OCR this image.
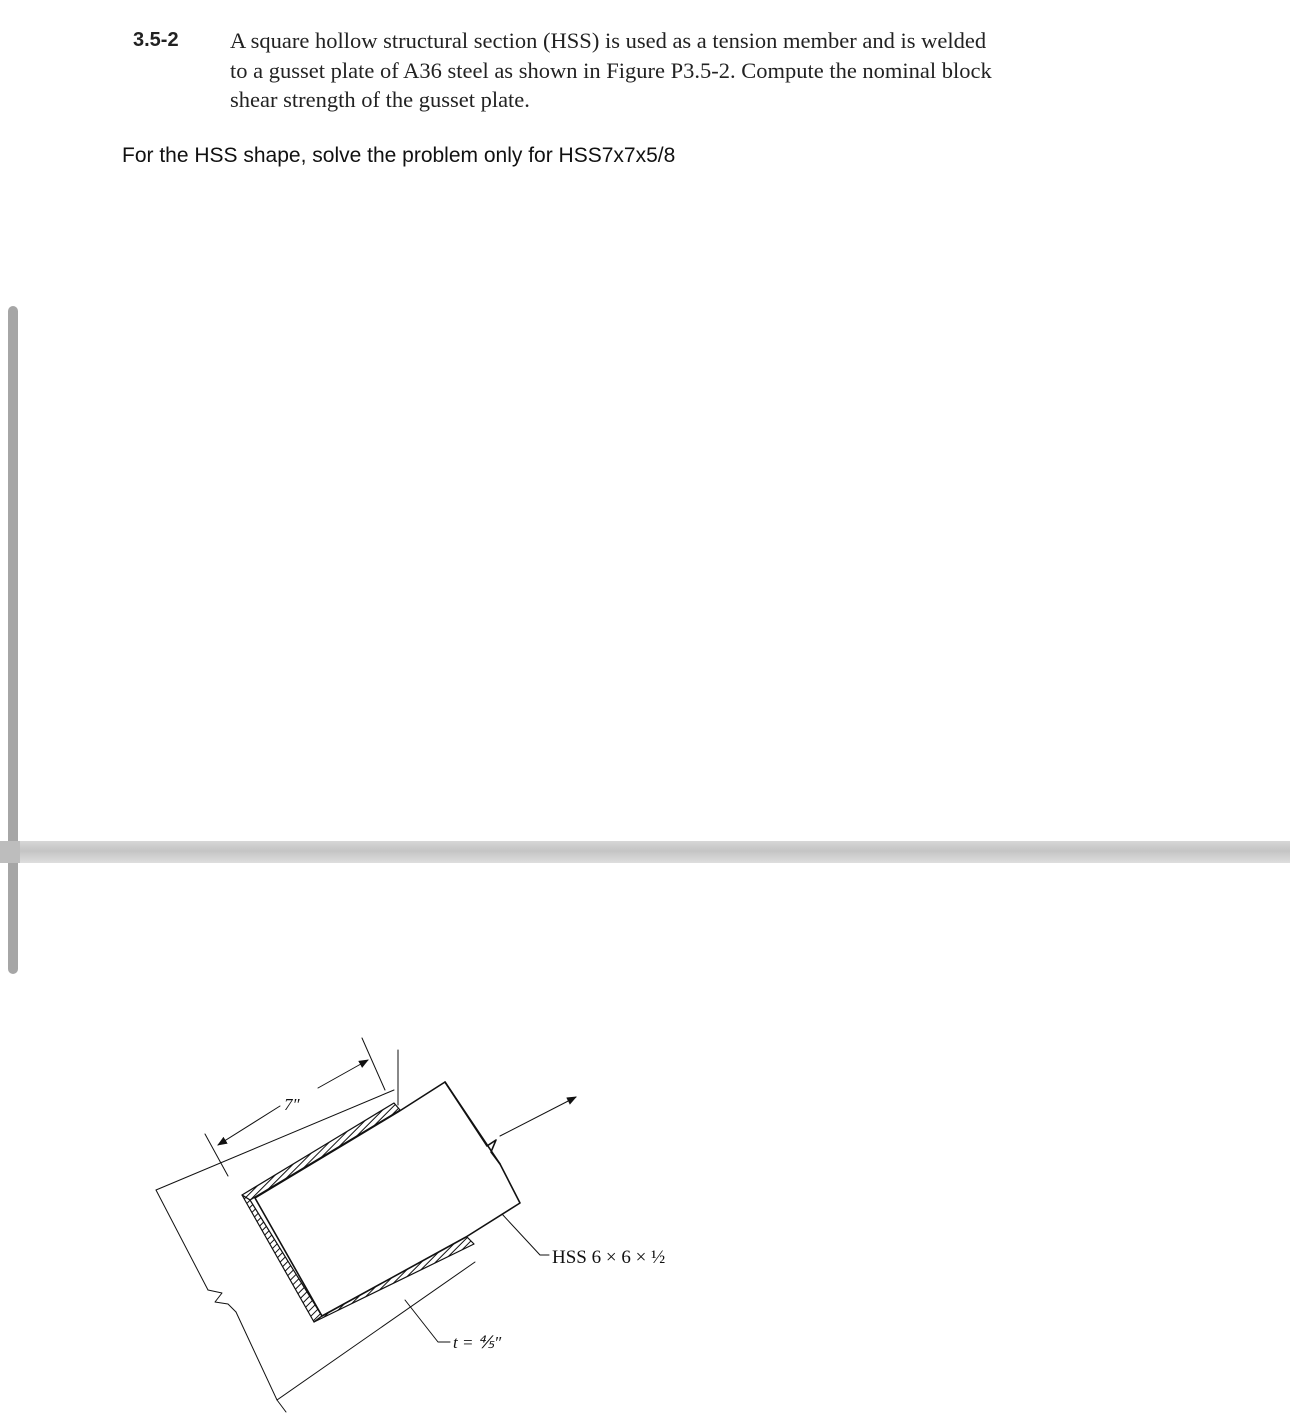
3.5-2 A square hollow structural section (HSS) is used as a tension member and is welded
to a gusset plate of A36 steel as shown in Figure P3.5-2. Compute the nominal block
shear strength of the gusset plate.
For the HSS shape, solve the problem only for HSS7x7x5/8
7″
HSS 6 × 6 × ½
t = ⅘″
